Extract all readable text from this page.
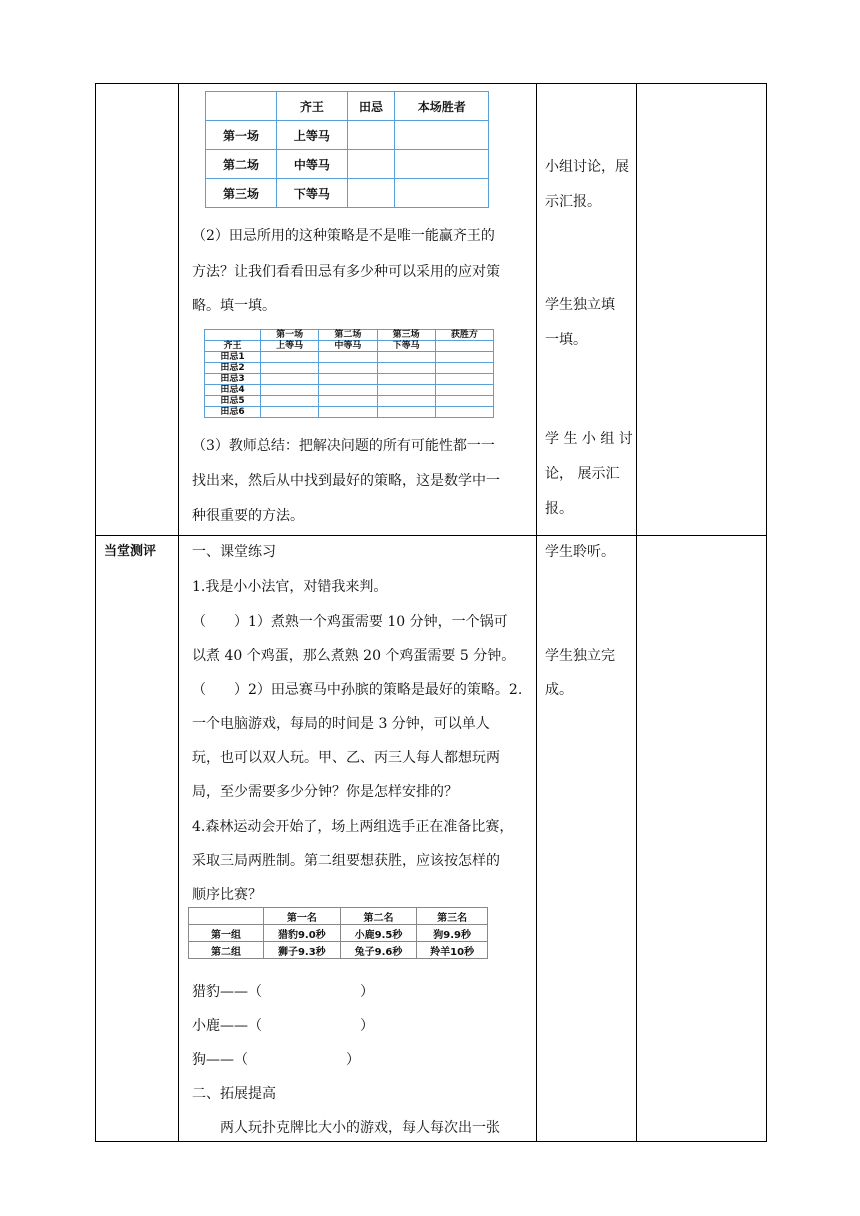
	齐王	田忌	本场胜者
第一场	上等马		
第二场	中等马		
第三场	下等马		
（2）田忌所用的这种策略是不是唯一能赢齐王的
方法？让我们看看田忌有多少种可以采用的应对策
略。填一填。
	第一场	第二场	第三场	获胜方
齐王	上等马	中等马	下等马	
田忌1				
田忌2				
田忌3				
田忌4				
田忌5				
田忌6				
（3）教师总结：把解决问题的所有可能性都一一
找出来，然后从中找到最好的策略，这是数学中一
种很重要的方法。
小组讨论，展
示汇报。
学生独立填
一填。
学 生 小 组 讨
论， 展示汇
报。
当堂测评	一、课堂练习
1.我是小小法官，对错我来判。
（　　）1）煮熟一个鸡蛋需要 10 分钟，一个锅可
以煮 40 个鸡蛋，那么煮熟 20 个鸡蛋需要 5 分钟。
（　　）2）田忌赛马中孙膑的策略是最好的策略。2.
一个电脑游戏，每局的时间是 3 分钟，可以单人
玩，也可以双人玩。甲、乙、丙三人每人都想玩两
局，至少需要多少分钟？你是怎样安排的？
4.森林运动会开始了，场上两组选手正在准备比赛，
采取三局两胜制。第二组要想获胜，应该按怎样的
顺序比赛？
	第一名	第二名	第三名
第一组	猎豹9.0秒	小鹿9.5秒	狗9.9秒
第二组	狮子9.3秒	兔子9.6秒	羚羊10秒
猎豹——（　　　　　　　）
小鹿——（　　　　　　　）
狗——（　　　　　　　）
二、拓展提高
两人玩扑克牌比大小的游戏，每人每次出一张
学生聆听。
学生独立完
成。
